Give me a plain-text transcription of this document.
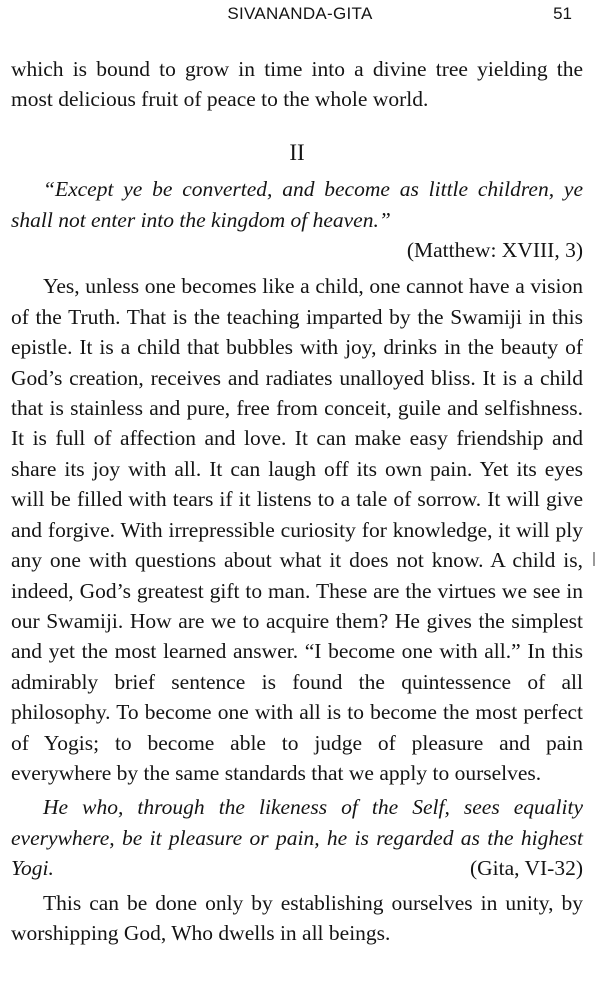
SIVANANDA-GITA	51

which is bound to grow in time into a divine tree yielding the most delicious fruit of peace to the whole world.

II

“Except ye be converted, and become as little children, ye shall not enter into the kingdom of heaven.”

(Matthew: XVIII, 3)

Yes, unless one becomes like a child, one cannot have a vision of the Truth. That is the teaching imparted by the Swamiji in this epistle. It is a child that bubbles with joy, drinks in the beauty of God’s creation, receives and radiates unalloyed bliss. It is a child that is stainless and pure, free from conceit, guile and selfishness. It is full of affection and love. It can make easy friendship and share its joy with all. It can laugh off its own pain. Yet its eyes will be filled with tears if it listens to a tale of sorrow. It will give and forgive. With irrepressible curiosity for knowledge, it will ply any one with questions about what it does not know. A child is, indeed, God’s greatest gift to man. These are the virtues we see in our Swamiji. How are we to acquire them? He gives the simplest and yet the most learned answer. “I become one with all.” In this admirably brief sentence is found the quintessence of all philosophy. To become one with all is to become the most perfect of Yogis; to become able to judge of pleasure and pain everywhere by the same standards that we apply to ourselves.

He who, through the likeness of the Self, sees equality everywhere, be it pleasure or pain, he is regarded as the highest Yogi.	(Gita, VI-32)

This can be done only by establishing ourselves in unity, by worshipping God, Who dwells in all beings.
